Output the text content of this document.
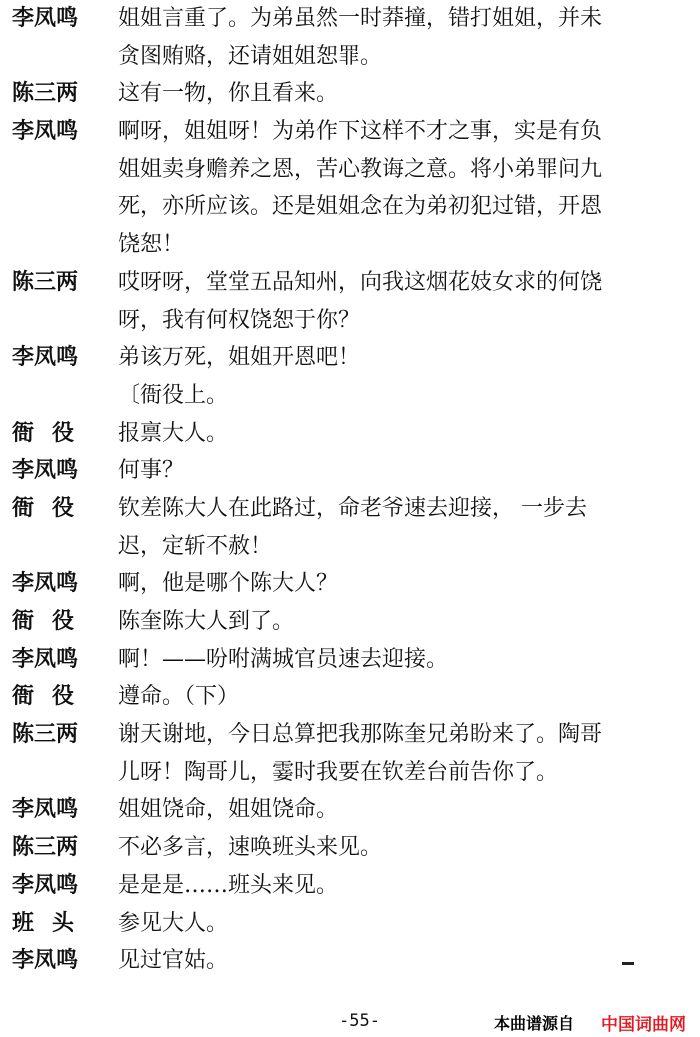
李凤鸣 姐姐言重了。为弟虽然一时莽撞，错打姐姐，并未
贪图贿赂，还请姐姐恕罪。
陈三两 这有一物，你且看来。
李凤鸣 啊呀，姐姐呀！为弟作下这样不才之事，实是有负
姐姐卖身赡养之恩，苦心教诲之意。将小弟罪问九
死，亦所应该。还是姐姐念在为弟初犯过错，开恩
饶恕！
陈三两 哎呀呀，堂堂五品知州，向我这烟花妓女求的何饶
呀，我有何权饶恕于你？
李凤鸣 弟该万死，姐姐开恩吧！
〔衙役上。
衙役 报禀大人。
李凤鸣 何事？
衙役 钦差陈大人在此路过，命老爷速去迎接， 一步去
迟，定斩不赦！
李凤鸣 啊，他是哪个陈大人？
衙役 陈奎陈大人到了。
李凤鸣 啊！——吩咐满城官员速去迎接。
衙役 遵命。（下）
陈三两 谢天谢地，今日总算把我那陈奎兄弟盼来了。陶哥
儿呀！陶哥儿，霎时我要在钦差台前告你了。
李凤鸣 姐姐饶命，姐姐饶命。
陈三两 不必多言，速唤班头来见。
李凤鸣 是是是……班头来见。
班头 参见大人。
李凤鸣 见过官姑。
-55-	本曲谱源自 中国词曲网
